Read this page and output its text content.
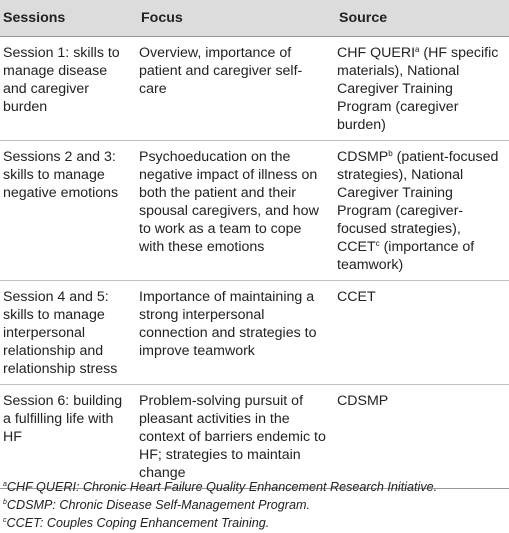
Sessions	Focus	Source
Session 1: skills to manage disease and caregiver burden	Overview, importance of patient and caregiver self-care	CHF QUERI$^a$ (HF specific materials), National Caregiver Training Program (caregiver burden)
Sessions 2 and 3: skills to manage negative emotions	Psychoeducation on the negative impact of illness on both the patient and their spousal caregivers, and how to work as a team to cope with these emotions	CDSMP$^b$ (patient-focused strategies), National Caregiver Training Program (caregiver-focused strategies), CCET$^c$ (importance of teamwork)
Session 4 and 5: skills to manage interpersonal relationship and relationship stress	Importance of maintaining a strong interpersonal connection and strategies to improve teamwork	CCET
Session 6: building a fulfilling life with HF	Problem-solving pursuit of pleasant activities in the context of barriers endemic to HF; strategies to maintain change	CDSMP
$^a$CHF QUERI: Chronic Heart Failure Quality Enhancement Research Initiative.
$^b$CDSMP: Chronic Disease Self-Management Program.
$^c$CCET: Couples Coping Enhancement Training.
